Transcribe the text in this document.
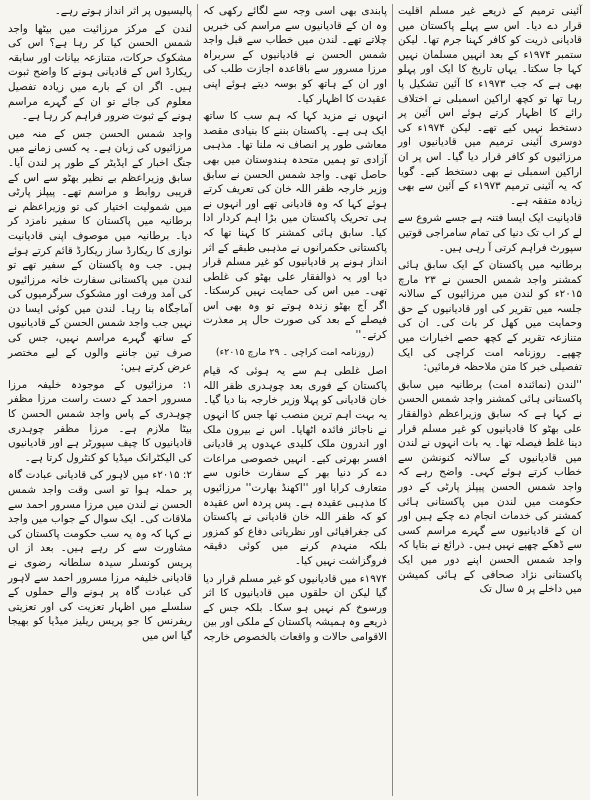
آئینی ترمیم کے ذریعے غیر مسلم اقلیت قرار دے دیا۔ اس سے پہلے پاکستان میں قادیانی ذریت کو کافر کہنا جرم تھا۔ لیکن ستمبر ۱۹۷۴ء کے بعد انہیں مسلمان نہیں کہا جا سکتا۔ یہاں تاریخ کا ایک اور پہلو بھی ہے کہ جب ۱۹۷۳ء کا آئین تشکیل پا رہا تھا تو کچھ اراکین اسمبلی نے اختلاف رائے کا اظہار کرتے ہوئے اس آئین پر دستخط نہیں کیے تھے۔ لیکن ۱۹۷۴ء کی دوسری آئینی ترمیم میں قادیانیوں اور مرزائیوں کو کافر قرار دیا گیا۔ اس پر ان اراکین اسمبلی نے بھی دستخط کیے۔ گویا کہ یہ آئینی ترمیم ۱۹۷۳ء کے آئین سے بھی زیادہ متفقہ ہے۔

قادیانیت ایک ایسا فتنہ ہے جسے شروع سے لے کر اب تک دنیا کی تمام سامراجی قوتیں سپورٹ فراہم کرتی آ رہی ہیں۔

برطانیہ میں پاکستان کے ایک سابق ہائی کمشنر واجد شمس الحسن نے ۲۳ مارچ ۲۰۱۵ء کو لندن میں مرزائیوں کے سالانہ جلسہ میں تقریر کی اور قادیانیوں کے حق وحمایت میں کھل کر بات کی۔ ان کی متنازعہ تقریر کے کچھ حصے اخبارات میں چھپے۔ روزنامہ امت کراچی کی ایک تفصیلی خبر کا متن ملاحظہ فرمائیں:

''لندن (نمائندہ امت) برطانیہ میں سابق پاکستانی ہائی کمشنر واجد شمس الحسن نے کہا ہے کہ سابق وزیراعظم ذوالفقار علی بھٹو کا قادیانیوں کو غیر مسلم قرار دینا غلط فیصلہ تھا۔ یہ بات انہوں نے لندن میں قادیانیوں کے سالانہ کنونشن سے خطاب کرتے ہوئے کہی۔ واضح رہے کہ واجد شمس الحسن پیپلز پارٹی کے دور حکومت میں لندن میں پاکستانی ہائی کمشنر کی خدمات انجام دے چکے ہیں اور ان کے قادیانیوں سے گہرے مراسم کسی سے ڈھکے چھپے نہیں ہیں۔ ذرائع نے بتایا کہ واجد شمس الحسن اپنے دور میں ایک پاکستانی نژاد صحافی کے ہائی کمیشن میں داخلے پر ۵ سال تک

پابندی بھی اسی وجہ سے لگائے رکھی کہ وہ ان کے قادیانیوں سے مراسم کی خبریں چلاتے تھے۔ لندن میں خطاب سے قبل واجد شمس الحسن نے قادیانیوں کے سربراہ مرزا مسرور سے باقاعدہ اجازت طلب کی اور ان کے ہاتھ کو بوسہ دیتے ہوئے اپنی عقیدت کا اظہار کیا۔

انہوں نے مزید کہا کہ ہم سب کا ساتھ ایک ہی ہے۔ پاکستان بننے کا بنیادی مقصد معاشی طور پر انصاف نہ ملنا تھا۔ مذہبی آزادی تو ہمیں متحدہ ہندوستان میں بھی حاصل تھی۔ واجد شمس الحسن نے سابق وزیر خارجہ ظفر اللہ خان کی تعریف کرتے ہوئے کہا کہ وہ قادیانی تھے اور انہوں نے ہی تحریک پاکستان میں بڑا اہم کردار ادا کیا۔ سابق ہائی کمشنر کا کہنا تھا کہ پاکستانی حکمرانوں نے مذہبی طبقے کے اثر انداز ہونے پر قادیانیوں کو غیر مسلم قرار دیا اور یہ ذوالفقار علی بھٹو کی غلطی تھی۔ میں اس کی حمایت نہیں کرسکتا۔ اگر آج بھٹو زندہ ہوتے تو وہ بھی اس فیصلے کے بعد کی صورت حال پر معذرت کرتے۔''

(روزنامہ امت کراچی ۔ ۲۹ مارچ ۲۰۱۵ء)

اصل غلطی ہم سے یہ ہوئی کہ قیام پاکستان کے فوری بعد چوہدری ظفر اللہ خان قادیانی کو پہلا وزیر خارجہ بنا دیا گیا۔ یہ بہت اہم ترین منصب تھا جس کا انہوں نے ناجائز فائدہ اٹھایا۔ اس نے بیرون ملک اور اندرون ملک کلیدی عہدوں پر قادیانی افسر بھرتی کیے۔ انہیں خصوصی مراعات دے کر دنیا بھر کے سفارت خانوں سے متعارف کرایا اور ''اکھنڈ بھارت'' مرزائیوں کا مذہبی عقیدہ ہے۔ پس پردہ اس عقیدہ کو کہ ظفر اللہ خان قادیانی نے پاکستان کی جغرافیائی اور نظریاتی دفاع کو کمزور بلکہ منہدم کرنے میں کوئی دقیقہ فروگزاشت نہیں کیا۔

۱۹۷۴ء میں قادیانیوں کو غیر مسلم قرار دیا گیا لیکن ان حلقوں میں قادیانیوں کا اثر ورسوخ کم نہیں ہو سکا۔ بلکہ جس کے ذریعے وہ ہمیشہ پاکستان کے ملکی اور بین الاقوامی حالات و واقعات بالخصوص خارجہ

پالیسیوں پر اثر انداز ہوتے رہے۔

لندن کے مرکز مرزائیت میں بیٹھا واجد شمس الحسن کیا کر رہا ہے؟ اس کی مشکوک حرکات، متنازعہ بیانات اور سابقہ ریکارڈ اس کے قادیانی ہونے کا واضح ثبوت ہیں۔ اگر ان کے بارے میں زیادہ تفصیل معلوم کی جائے تو ان کے گہرے مراسم ہونے کے ثبوت ضرور فراہم کر رہا ہے۔

واجد شمس الحسن جس کے منہ میں مرزائیوں کی زبان ہے۔ یہ کسی زمانے میں جنگ اخبار کے ایڈیٹر کے طور پر لندن آیا۔ سابق وزیراعظم بے نظیر بھٹو سے اس کے قریبی روابط و مراسم تھے۔ پیپلز پارٹی میں شمولیت اختیار کی تو وزیراعظم نے برطانیہ میں پاکستان کا سفیر نامزد کر دیا۔ برطانیہ میں موصوف اپنی قادیانیت نوازی کا ریکارڈ ساز ریکارڈ قائم کرتے ہوئے ہیں۔ جب وہ پاکستان کے سفیر تھے تو لندن میں پاکستانی سفارت خانہ مرزائیوں کی آمد ورفت اور مشکوک سرگرمیوں کی آماجگاہ بنا رہا۔ لندن میں کوئی ایسا دن نہیں جب واجد شمس الحسن کے قادیانیوں کے ساتھ گہرے مراسم نہیں، جس کی صرف تین جاننے والوں کے لیے مختصر عرض کرتے ہیں:

۱: مرزائیوں کے موجودہ خلیفہ مرزا مسرور احمد کے دست راست مرزا مظفر چوہدری کے پاس واجد شمس الحسن کا بیٹا ملازم ہے۔ مرزا مظفر چوہدری قادیانیوں کا چیف سپورٹر ہے اور قادیانیوں کی الیکٹرانک میڈیا کو کنٹرول کرتا ہے۔

۲: ۲۰۱۵ء میں لاہور کی قادیانی عبادت گاہ پر حملہ ہوا تو اسی وقت واجد شمس الحسن نے لندن میں مرزا مسرور احمد سے ملاقات کی۔ ایک سوال کے جواب میں واجد نے کہا کہ وہ یہ سب حکومت پاکستان کی مشاورت سے کر رہے ہیں۔ بعد از اں پریس کونسلر سیدہ سلطانہ رضوی نے قادیانی خلیفہ مرزا مسرور احمد سے لاہور کی عبادت گاہ پر ہونے والے حملوں کے سلسلے میں اظہار تعزیت کی اور تعزیتی ریفرنس کا جو پریس ریلیز میڈیا کو بھیجا گیا اس میں
